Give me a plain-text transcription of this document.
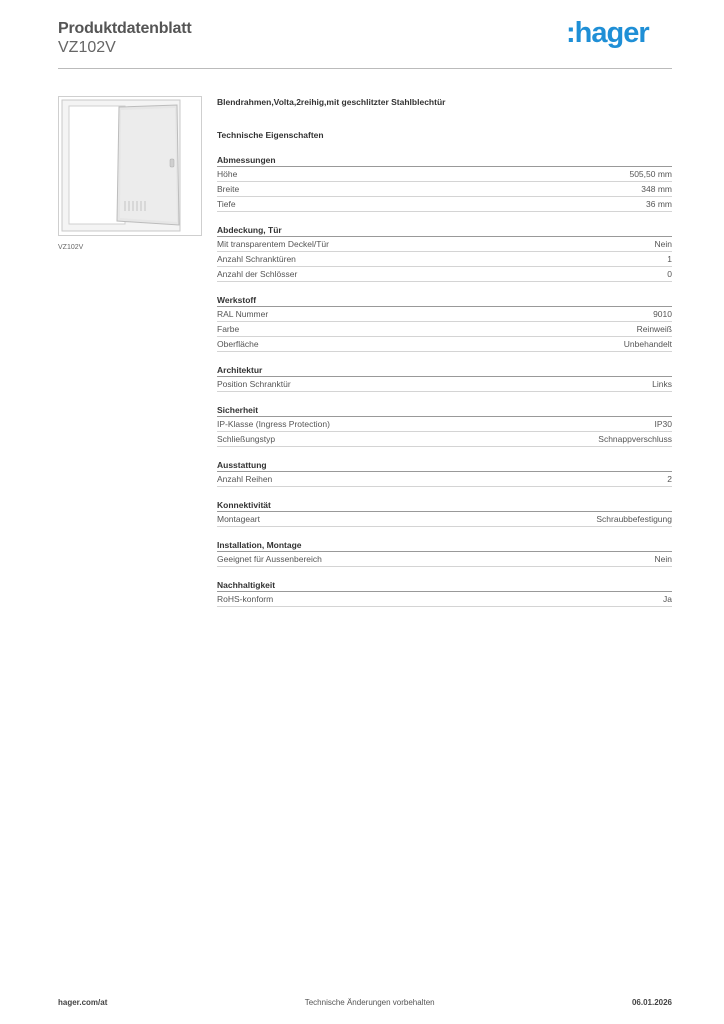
Produktdatenblatt
VZ102V	:hager
VZ102V
Blendrahmen,Volta,2reihig,mit geschlitzter Stahlblechtür
Technische Eigenschaften
Abmessungen
Höhe	505,50 mm
Breite	348 mm
Tiefe	36 mm
Abdeckung, Tür
Mit transparentem Deckel/Tür	Nein
Anzahl Schranktüren	1
Anzahl der Schlösser	0
Werkstoff
RAL Nummer	9010
Farbe	Reinweiß
Oberfläche	Unbehandelt
Architektur
Position Schranktür	Links
Sicherheit
IP-Klasse (Ingress Protection)	IP30
Schließungstyp	Schnappverschluss
Ausstattung
Anzahl Reihen	2
Konnektivität
Montageart	Schraubbefestigung
Installation, Montage
Geeignet für Aussenbereich	Nein
Nachhaltigkeit
RoHS-konform	Ja
hager.com/at	Technische Änderungen vorbehalten	06.01.2026
